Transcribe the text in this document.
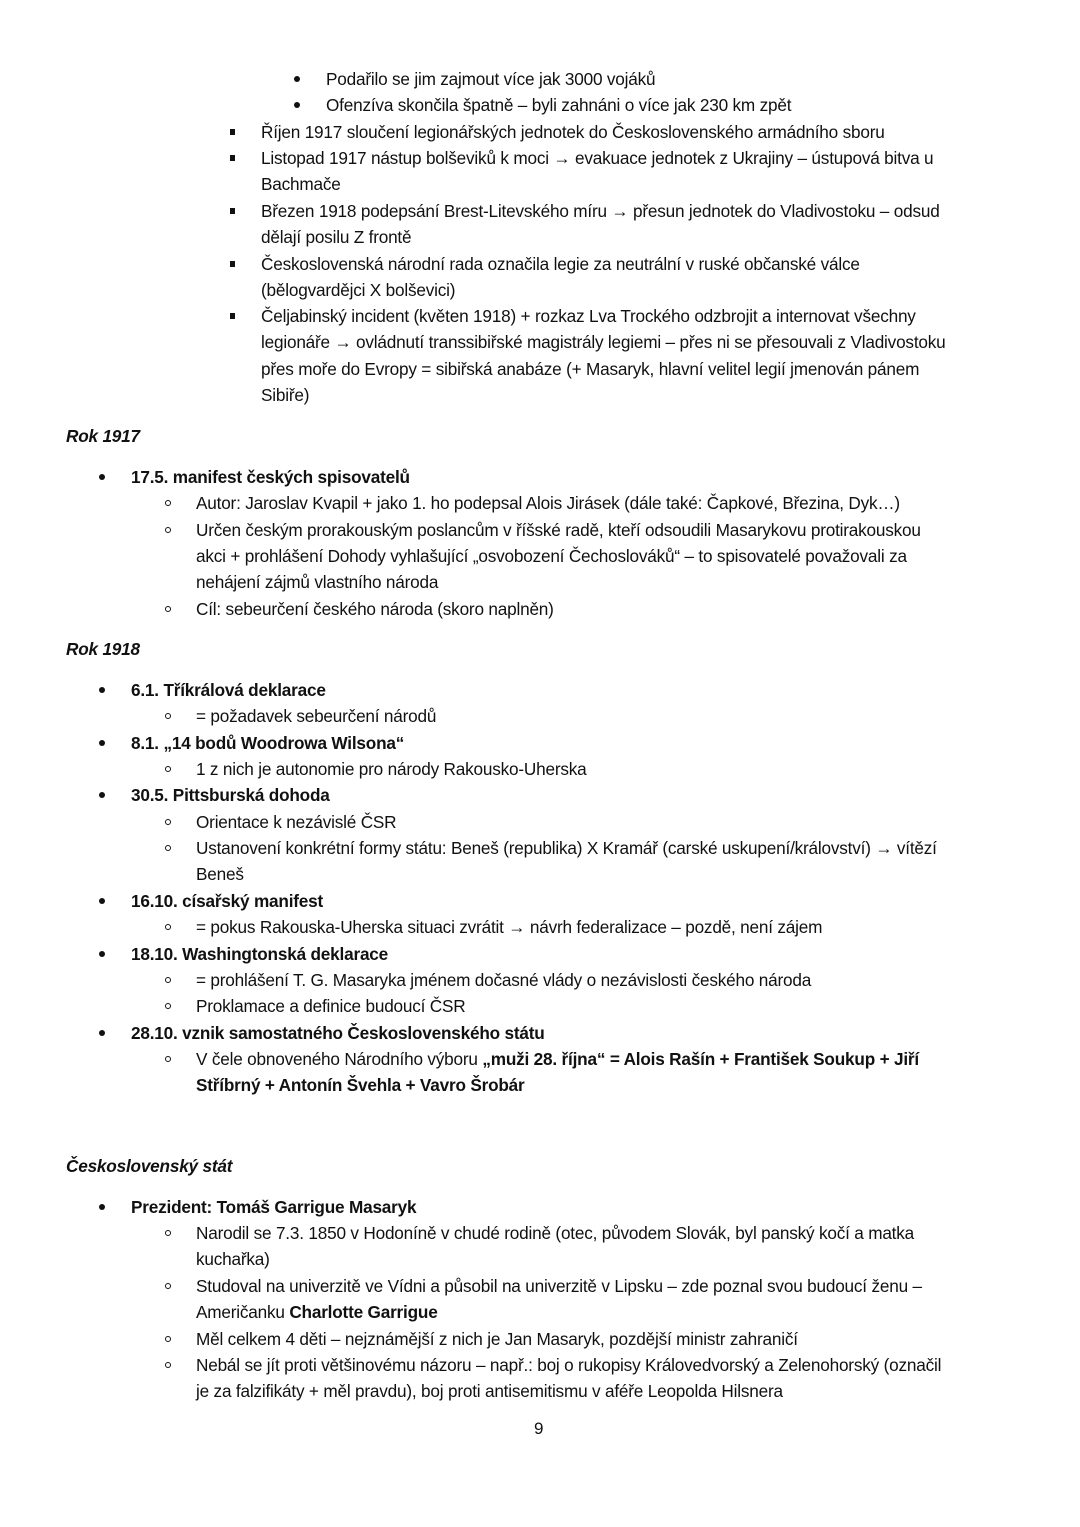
Podařilo se jim zajmout více jak 3000 vojáků
Ofenzíva skončila špatně – byli zahnáni o více jak 230 km zpět
Říjen 1917 sloučení legionářských jednotek do Československého armádního sboru
Listopad 1917 nástup bolševiků k moci → evakuace jednotek z Ukrajiny – ústupová bitva u
Bachmače
Březen 1918 podepsání Brest-Litevského míru → přesun jednotek do Vladivostoku – odsud
dělají posilu Z frontě
Československá národní rada označila legie za neutrální v ruské občanské válce
(bělogvardějci X bolševici)
Čeljabinský incident (květen 1918) + rozkaz Lva Trockého odzbrojit a internovat všechny
legionáře → ovládnutí transsibiřské magistrály legiemi – přes ni se přesouvali z Vladivostoku
přes moře do Evropy = sibiřská anabáze (+ Masaryk, hlavní velitel legií jmenován pánem
Sibiře)
Rok 1917
17.5. manifest českých spisovatelů
Autor: Jaroslav Kvapil + jako 1. ho podepsal Alois Jirásek (dále také: Čapkové, Březina, Dyk…)
Určen českým prorakouským poslancům v říšské radě, kteří odsoudili Masarykovu protirakouskou
akci + prohlášení Dohody vyhlašující „osvobození Čechoslováků“ – to spisovatelé považovali za
nehájení zájmů vlastního národa
Cíl: sebeurčení českého národa (skoro naplněn)
Rok 1918
6.1. Tříkrálová deklarace
= požadavek sebeurčení národů
8.1. „14 bodů Woodrowa Wilsona“
1 z nich je autonomie pro národy Rakousko-Uherska
30.5. Pittsburská dohoda
Orientace k nezávislé ČSR
Ustanovení konkrétní formy státu: Beneš (republika) X Kramář (carské uskupení/království) → vítězí
Beneš
16.10. císařský manifest
= pokus Rakouska-Uherska situaci zvrátit → návrh federalizace – pozdě, není zájem
18.10. Washingtonská deklarace
= prohlášení T. G. Masaryka jménem dočasné vlády o nezávislosti českého národa
Proklamace a definice budoucí ČSR
28.10. vznik samostatného Československého státu
V čele obnoveného Národního výboru „muži 28. října“ = Alois Rašín + František Soukup + Jiří
Stříbrný + Antonín Švehla + Vavro Šrobár
Československý stát
Prezident: Tomáš Garrigue Masaryk
Narodil se 7.3. 1850 v Hodoníně v chudé rodině (otec, původem Slovák, byl panský kočí a matka
kuchařka)
Studoval na univerzitě ve Vídni a působil na univerzitě v Lipsku – zde poznal svou budoucí ženu –
Američanku Charlotte Garrigue
Měl celkem 4 děti – nejznámější z nich je Jan Masaryk, pozdější ministr zahraničí
Nebál se jít proti většinovému názoru – např.: boj o rukopisy Královedvorský a Zelenohorský (označil
je za falzifikáty + měl pravdu), boj proti antisemitismu v aféře Leopolda Hilsnera
9
